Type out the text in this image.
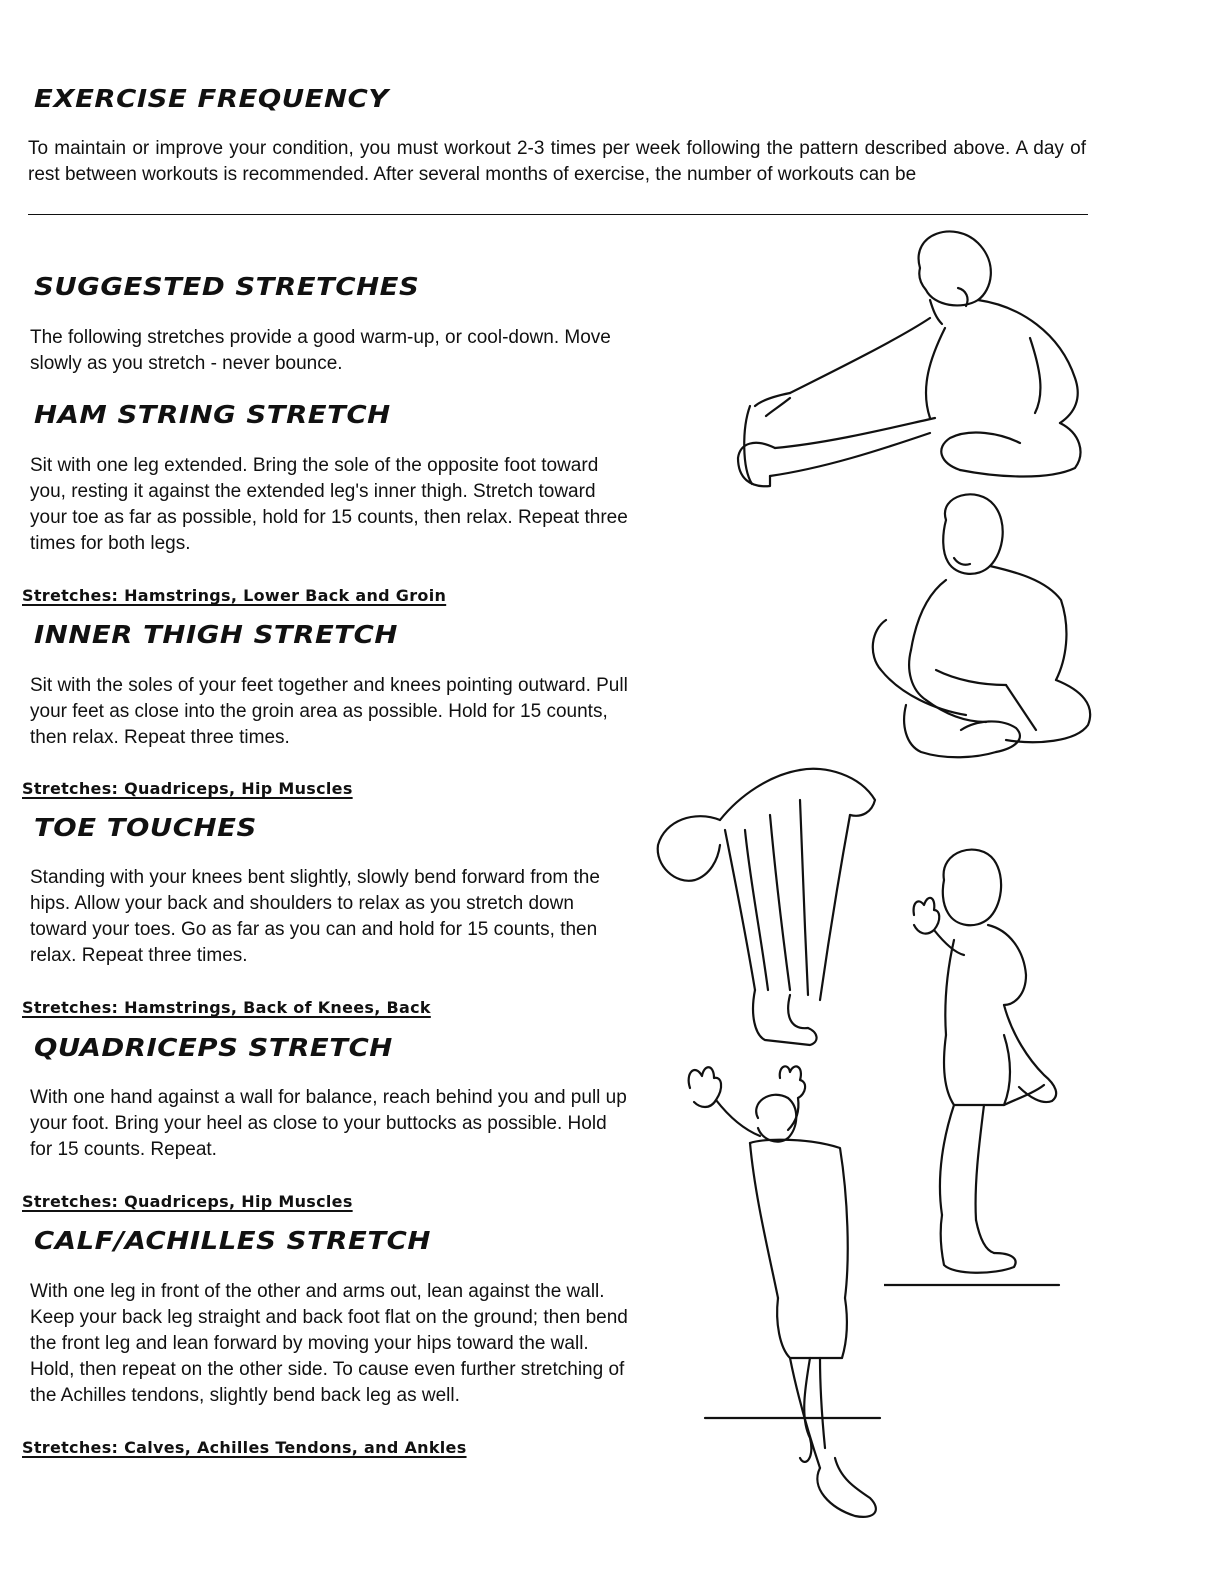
EXERCISE FREQUENCY

To maintain or improve your condition, you must workout 2-3 times per week following the pattern described above. A day of rest between workouts is recommended. After several months of exercise, the number of workouts can be

SUGGESTED STRETCHES

The following stretches provide a good warm-up, or cool-down. Move slowly as you stretch - never bounce.

HAM STRING STRETCH

Sit with one leg extended. Bring the sole of the opposite foot toward you, resting it against the extended leg's inner thigh. Stretch toward your toe as far as possible, hold for 15 counts, then relax. Repeat three times for both legs.

Stretches: Hamstrings, Lower Back and Groin
INNER THIGH STRETCH

Sit with the soles of your feet together and knees pointing outward. Pull your feet as close into the groin area as possible. Hold for 15 counts, then relax. Repeat three times.

Stretches: Quadriceps, Hip Muscles
TOE TOUCHES

Standing with your knees bent slightly, slowly bend forward from the hips. Allow your back and shoulders to relax as you stretch down toward your toes. Go as far as you can and hold for 15 counts, then relax. Repeat three times.

Stretches: Hamstrings, Back of Knees, Back
QUADRICEPS STRETCH

With one hand against a wall for balance, reach behind you and pull up your foot. Bring your heel as close to your buttocks as possible. Hold for 15 counts. Repeat.

Stretches: Quadriceps, Hip Muscles
CALF/ACHILLES STRETCH

With one leg in front of the other and arms out, lean against the wall. Keep your back leg straight and back foot flat on the ground; then bend the front leg and lean forward by moving your hips toward the wall. Hold, then repeat on the other side. To cause even further stretching of the Achilles tendons, slightly bend back leg as well.

Stretches: Calves, Achilles Tendons, and Ankles
